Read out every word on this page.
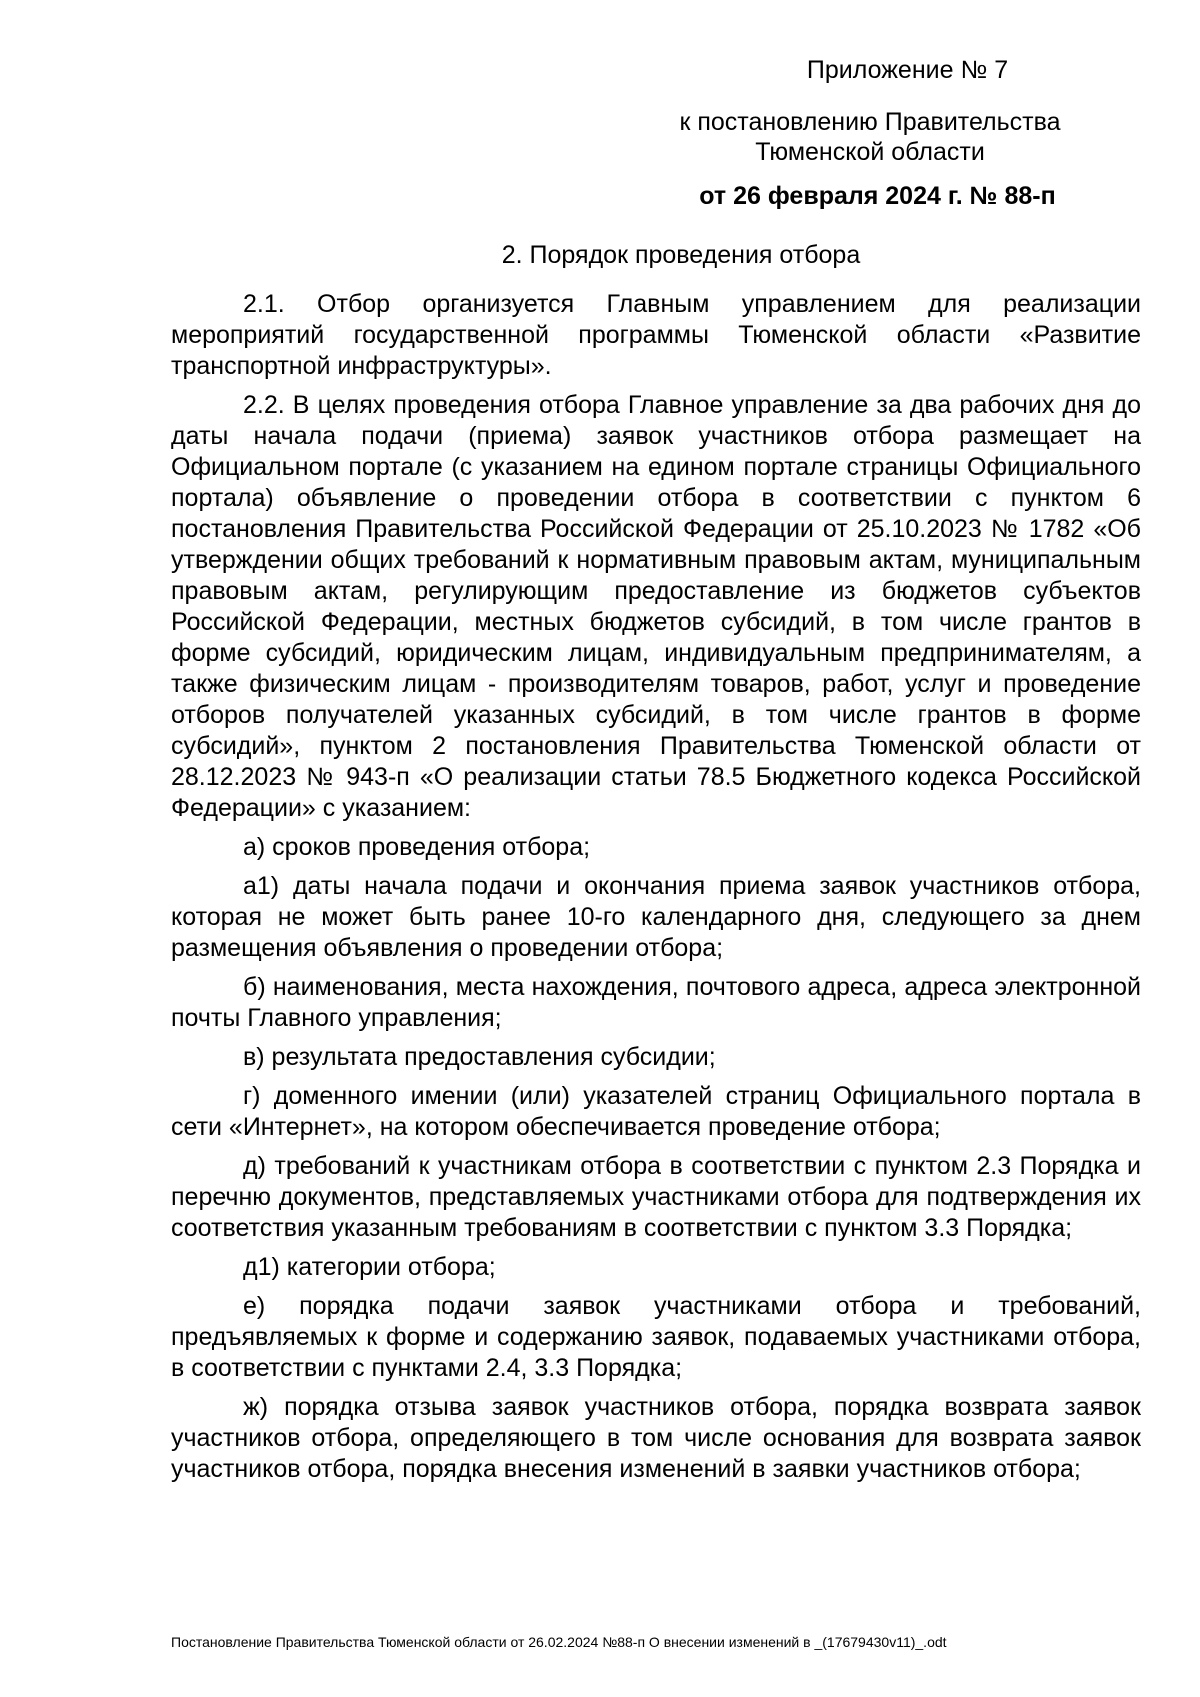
Приложение № 7
к постановлению Правительства
Тюменской области
от 26 февраля 2024 г. № 88-п
2. Порядок проведения отбора

2.1. Отбор организуется Главным управлением для реализации мероприятий государственной программы Тюменской области «Развитие транспортной инфраструктуры».

2.2. В целях проведения отбора Главное управление за два рабочих дня до даты начала подачи (приема) заявок участников отбора размещает на Официальном портале (с указанием на едином портале страницы Официального портала) объявление о проведении отбора в соответствии с пунктом 6 постановления Правительства Российской Федерации от 25.10.2023 № 1782 «Об утверждении общих требований к нормативным правовым актам, муниципальным правовым актам, регулирующим предоставление из бюджетов субъектов Российской Федерации, местных бюджетов субсидий, в том числе грантов в форме субсидий, юридическим лицам, индивидуальным предпринимателям, а также физическим лицам - производителям товаров, работ, услуг и проведение отборов получателей указанных субсидий, в том числе грантов в форме субсидий», пунктом 2 постановления Правительства Тюменской области от 28.12.2023 № 943-п «О реализации статьи 78.5 Бюджетного кодекса Российской Федерации» с указанием:

а) сроков проведения отбора;

а1) даты начала подачи и окончания приема заявок участников отбора, которая не может быть ранее 10-го календарного дня, следующего за днем размещения объявления о проведении отбора;

б) наименования, места нахождения, почтового адреса, адреса электронной почты Главного управления;

в) результата предоставления субсидии;

г) доменного имении (или) указателей страниц Официального портала в сети «Интернет», на котором обеспечивается проведение отбора;

д) требований к участникам отбора в соответствии с пунктом 2.3 Порядка и перечню документов, представляемых участниками отбора для подтверждения их соответствия указанным требованиям в соответствии с пунктом 3.3 Порядка;

д1) категории отбора;

е) порядка подачи заявок участниками отбора и требований, предъявляемых к форме и содержанию заявок, подаваемых участниками отбора, в соответствии с пунктами 2.4, 3.3 Порядка;

ж) порядка отзыва заявок участников отбора, порядка возврата заявок участников отбора, определяющего в том числе основания для возврата заявок участников отбора, порядка внесения изменений в заявки участников отбора;

Постановление Правительства Тюменской области от 26.02.2024 №88-п О внесении изменений в _(17679430v11)_.odt
